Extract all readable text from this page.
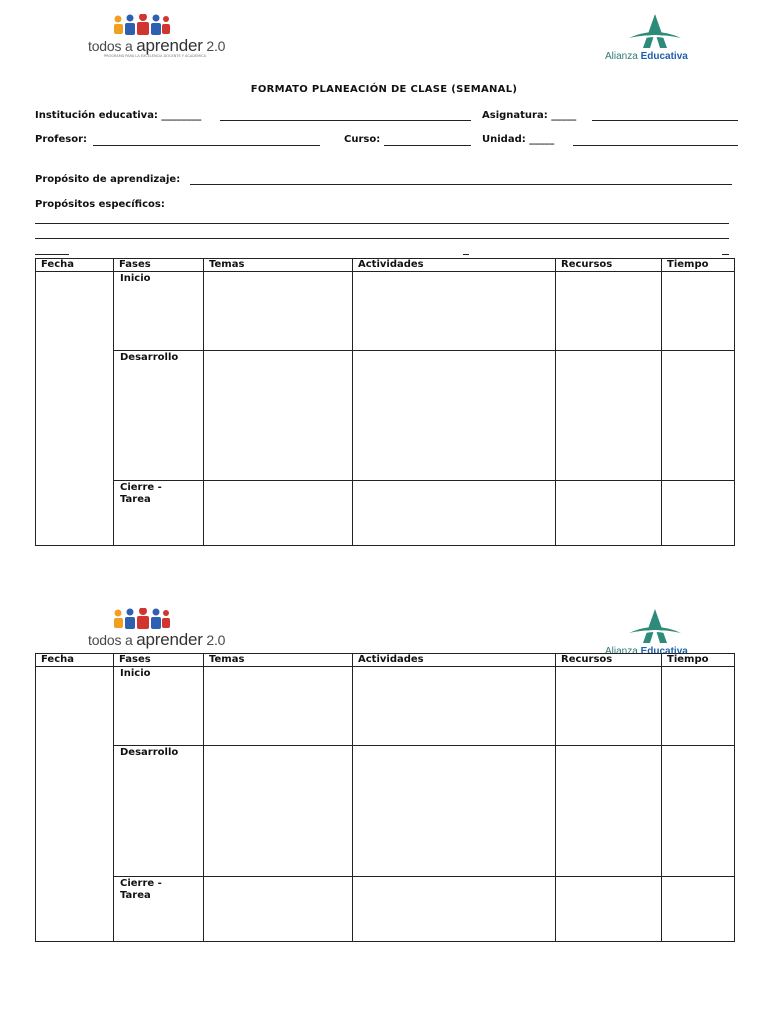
todos a aprender 2.0
PROGRAMA PARA LA EXCELENCIA DOCENTE Y ACADÉMICA	Alianza Educativa
FORMATO PLANEACIÓN DE CLASE (SEMANAL)
Institución educativa: ________	Asignatura: _____
Profesor:	Curso:	Unidad: _____
Propósito de aprendizaje:
Propósitos específicos:
Fecha	Fases	Temas	Actividades	Recursos	Tiempo
	Inicio				
	Desarrollo				
	Cierre -
Tarea				
todos a aprender 2.0
Alianza Educativa
Fecha	Fases	Temas	Actividades	Recursos	Tiempo
	Inicio				
	Desarrollo				
	Cierre -
Tarea				
